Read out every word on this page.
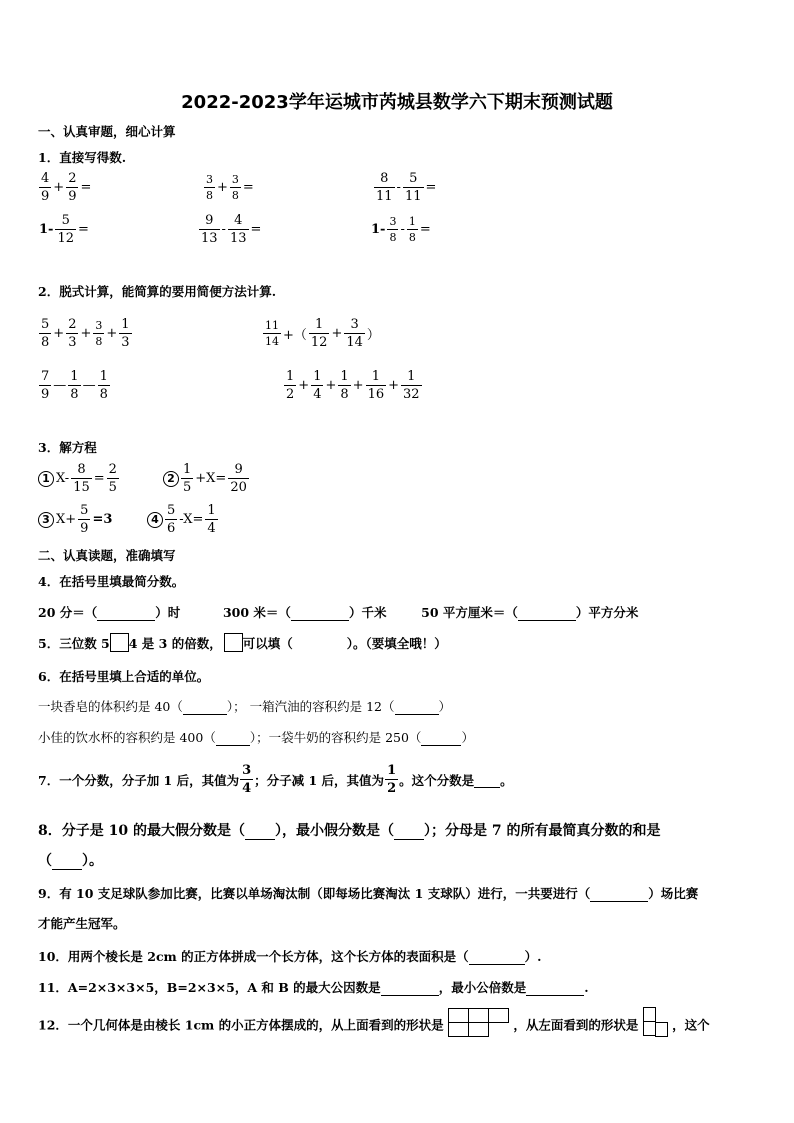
2022-2023学年运城市芮城县数学六下期末预测试题
一、认真审题，细心计算
1．直接写得数.
$\frac{4}{9} + \frac{2}{9}$ =	$\frac{3}{8} + \frac{3}{8}$ =	$\frac{8}{11} - \frac{5}{11}$ =
$1- \frac{5}{12}$ =	$\frac{9}{13} - \frac{4}{13}$ =	$1- \frac{3}{8} - \frac{1}{8}$ =
2．脱式计算，能简算的要用简便方法计算.
$\frac{5}{8} + \frac{2}{3} + \frac{3}{8} + \frac{1}{3}$	$\frac{11}{14}$ +（ $\frac{1}{12} + \frac{3}{14}$ ）
$\frac{7}{9}$ — $\frac{1}{8}$ — $\frac{1}{8}$	$\frac{1}{2} + \frac{1}{4} + \frac{1}{8} + \frac{1}{16} + \frac{1}{32}$
3．解方程
1 $X- \frac{8}{15} = \frac{2}{5}$	$2 \frac{1}{5} +X= \frac{9}{20}$
3 $X+ \frac{5}{9} =3$	$4 \frac{5}{6} -X= \frac{1}{4}$
二、认真读题，准确填写
4．在括号里填最简分数。
20 分＝（	）时	300 米＝（	）千米	50 平方厘米＝（	）平方分米
5．三位数 5 4 是 3 的倍数， 可以填（	）。（要填全哦！）
6．在括号里填上合适的单位。
一块香皂的体积约是 40（	）； 一箱汽油的容积约是 12（	）
小佳的饮水杯的容积约是 400（	）；一袋牛奶的容积约是 250（	）
7．一个分数，分子加 1 后，其值为 $\frac{3}{4}$ ；分子减 1 后，其值为 $\frac{1}{2}$ 。这个分数是
。
8．分子是 10 的最大假分数是（ ），最小假分数是（ ）；分母是 7 的所有最简真分数的和是
（ ）。
9．有 10 支足球队参加比赛，比赛以单场淘汰制（即每场比赛淘汰 1 支球队）进行，一共要进行（	）场比赛
才能产生冠军。
10．用两个棱长是 2cm 的正方体拼成一个长方体，这个长方体的表面积是（	）.
11．A=2×3×3×5，B=2×3×5，A 和 B 的最大公因数是	，最小公倍数是	.
12．一个几何体是由棱长 1cm 的小正方体摆成的，从上面看到的形状是	，从左面看到的形状是	，这个
